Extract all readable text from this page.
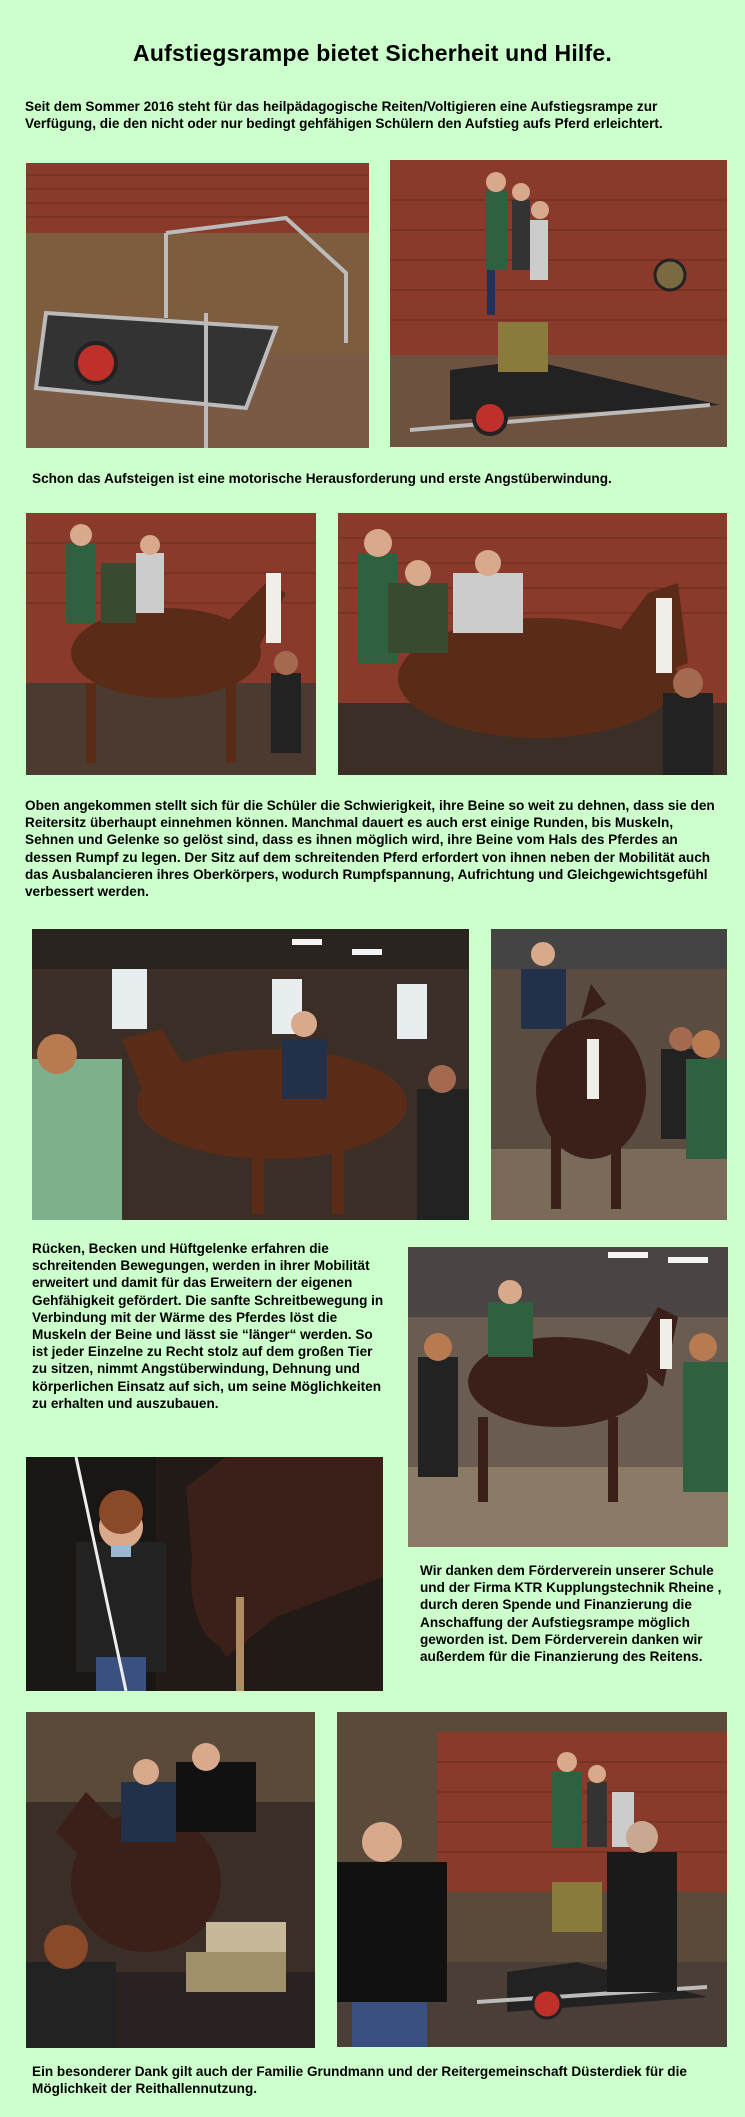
Aufstiegsrampe bietet Sicherheit und Hilfe.

Seit dem Sommer 2016 steht für das heilpädagogische Reiten/Voltigieren eine Aufstiegsrampe zur Verfügung, die den nicht oder nur bedingt gehfähigen Schülern den Aufstieg aufs Pferd erleichtert.

Schon das Aufsteigen ist eine motorische Herausforderung und erste Angstüberwindung.

Oben angekommen stellt sich für die Schüler die Schwierigkeit, ihre Beine so weit zu dehnen, dass sie den Reitersitz überhaupt einnehmen können. Manchmal dauert es auch erst einige Runden, bis Muskeln, Sehnen und Gelenke so gelöst sind, dass es ihnen möglich wird, ihre Beine vom Hals des Pferdes an dessen Rumpf zu legen. Der Sitz auf dem schreitenden Pferd erfordert von ihnen neben der Mobilität auch das Ausbalancieren ihres Oberkörpers, wodurch Rumpfspannung, Aufrichtung und Gleichgewichtsgefühl verbessert werden.

Rücken, Becken und Hüftgelenke erfahren die schreitenden Bewegungen, werden in ihrer Mobilität erweitert und damit für das Erweitern der eigenen Gehfähigkeit gefördert. Die sanfte Schreitbewegung in Verbindung mit der Wärme des Pferdes löst die Muskeln der Beine und lässt sie “länger“ werden. So ist jeder Einzelne zu Recht stolz auf dem großen Tier zu sitzen, nimmt Angstüberwindung, Dehnung und körperlichen Einsatz auf sich, um seine Möglichkeiten zu erhalten und auszubauen.

Wir danken dem Förderverein unserer Schule und der Firma KTR Kupplungstechnik Rheine , durch deren Spende und Finanzierung die Anschaffung der Aufstiegsrampe möglich geworden ist. Dem Förderverein danken wir außerdem für die Finanzierung des Reitens.

Ein besonderer Dank gilt auch der Familie Grundmann und der Reitergemeinschaft Düsterdiek für die Möglichkeit der Reithallennutzung.
